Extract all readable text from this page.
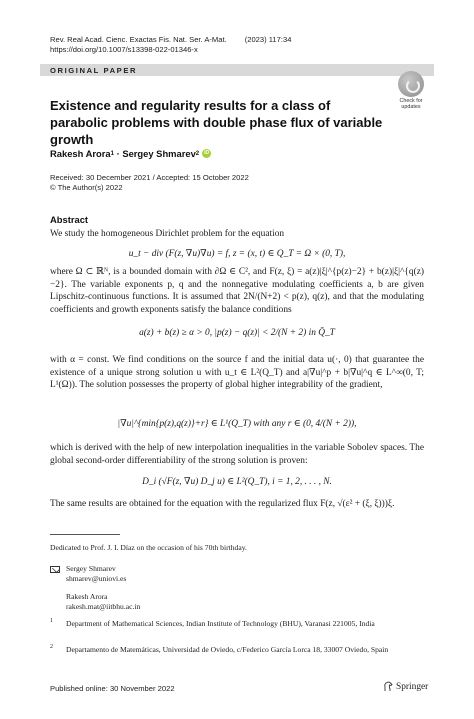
Rev. Real Acad. Cienc. Exactas Fis. Nat. Ser. A-Mat. (2023) 117:34
https://doi.org/10.1007/s13398-022-01346-x
ORIGINAL PAPER
Check for
updates
Existence and regularity results for a class of parabolic problems with double phase flux of variable growth
Rakesh Arora 1 · Sergey Shmarev 2	iD
Received: 30 December 2021 / Accepted: 15 October 2022
© The Author(s) 2022
Abstract
We study the homogeneous Dirichlet problem for the equation
u_t − div (F(z, ∇u)∇u) = f, z = (x, t) ∈ Q_T = Ω × (0, T),
where Ω ⊂ ℝᴺ, is a bounded domain with ∂Ω ∈ C², and F(z, ξ) = a(z)|ξ|^{p(z)−2} + b(z)|ξ|^{q(z)−2}. The variable exponents p, q and the nonnegative modulating coefficients a, b are given Lipschitz-continuous functions. It is assumed that 2N/(N+2) < p(z), q(z), and that the modulating coefficients and growth exponents satisfy the balance conditions
a(z) + b(z) ≥ α > 0, |p(z) − q(z)| < 2/(N + 2) in Q̄_T
with α = const. We find conditions on the source f and the initial data u(·, 0) that guarantee the existence of a unique strong solution u with u_t ∈ L²(Q_T) and a|∇u|^p + b|∇u|^q ∈ L^∞(0, T; L¹(Ω)). The solution possesses the property of global higher integrability of the gradient,
|∇u|^{min{p(z),q(z)}+r} ∈ L¹(Q_T) with any r ∈ (0, 4/(N + 2)),
which is derived with the help of new interpolation inequalities in the variable Sobolev spaces. The global second-order differentiability of the strong solution is proven:
D_i (√F(z, ∇u) D_j u) ∈ L²(Q_T), i = 1, 2, . . . , N.
The same results are obtained for the equation with the regularized flux F(z, √(ε² + (ξ, ξ)))ξ.
Dedicated to Prof. J. I. Díaz on the occasion of his 70th birthday.
Sergey Shmarev
shmarev@uniovi.es
Rakesh Arora
rakesh.mat@iitbhu.ac.in
1 Department of Mathematical Sciences, Indian Institute of Technology (BHU), Varanasi 221005, India
2 Departamento de Matemáticas, Universidad de Oviedo, c/Federico García Lorca 18, 33007 Oviedo, Spain
Published online: 30 November 2022	Springer
